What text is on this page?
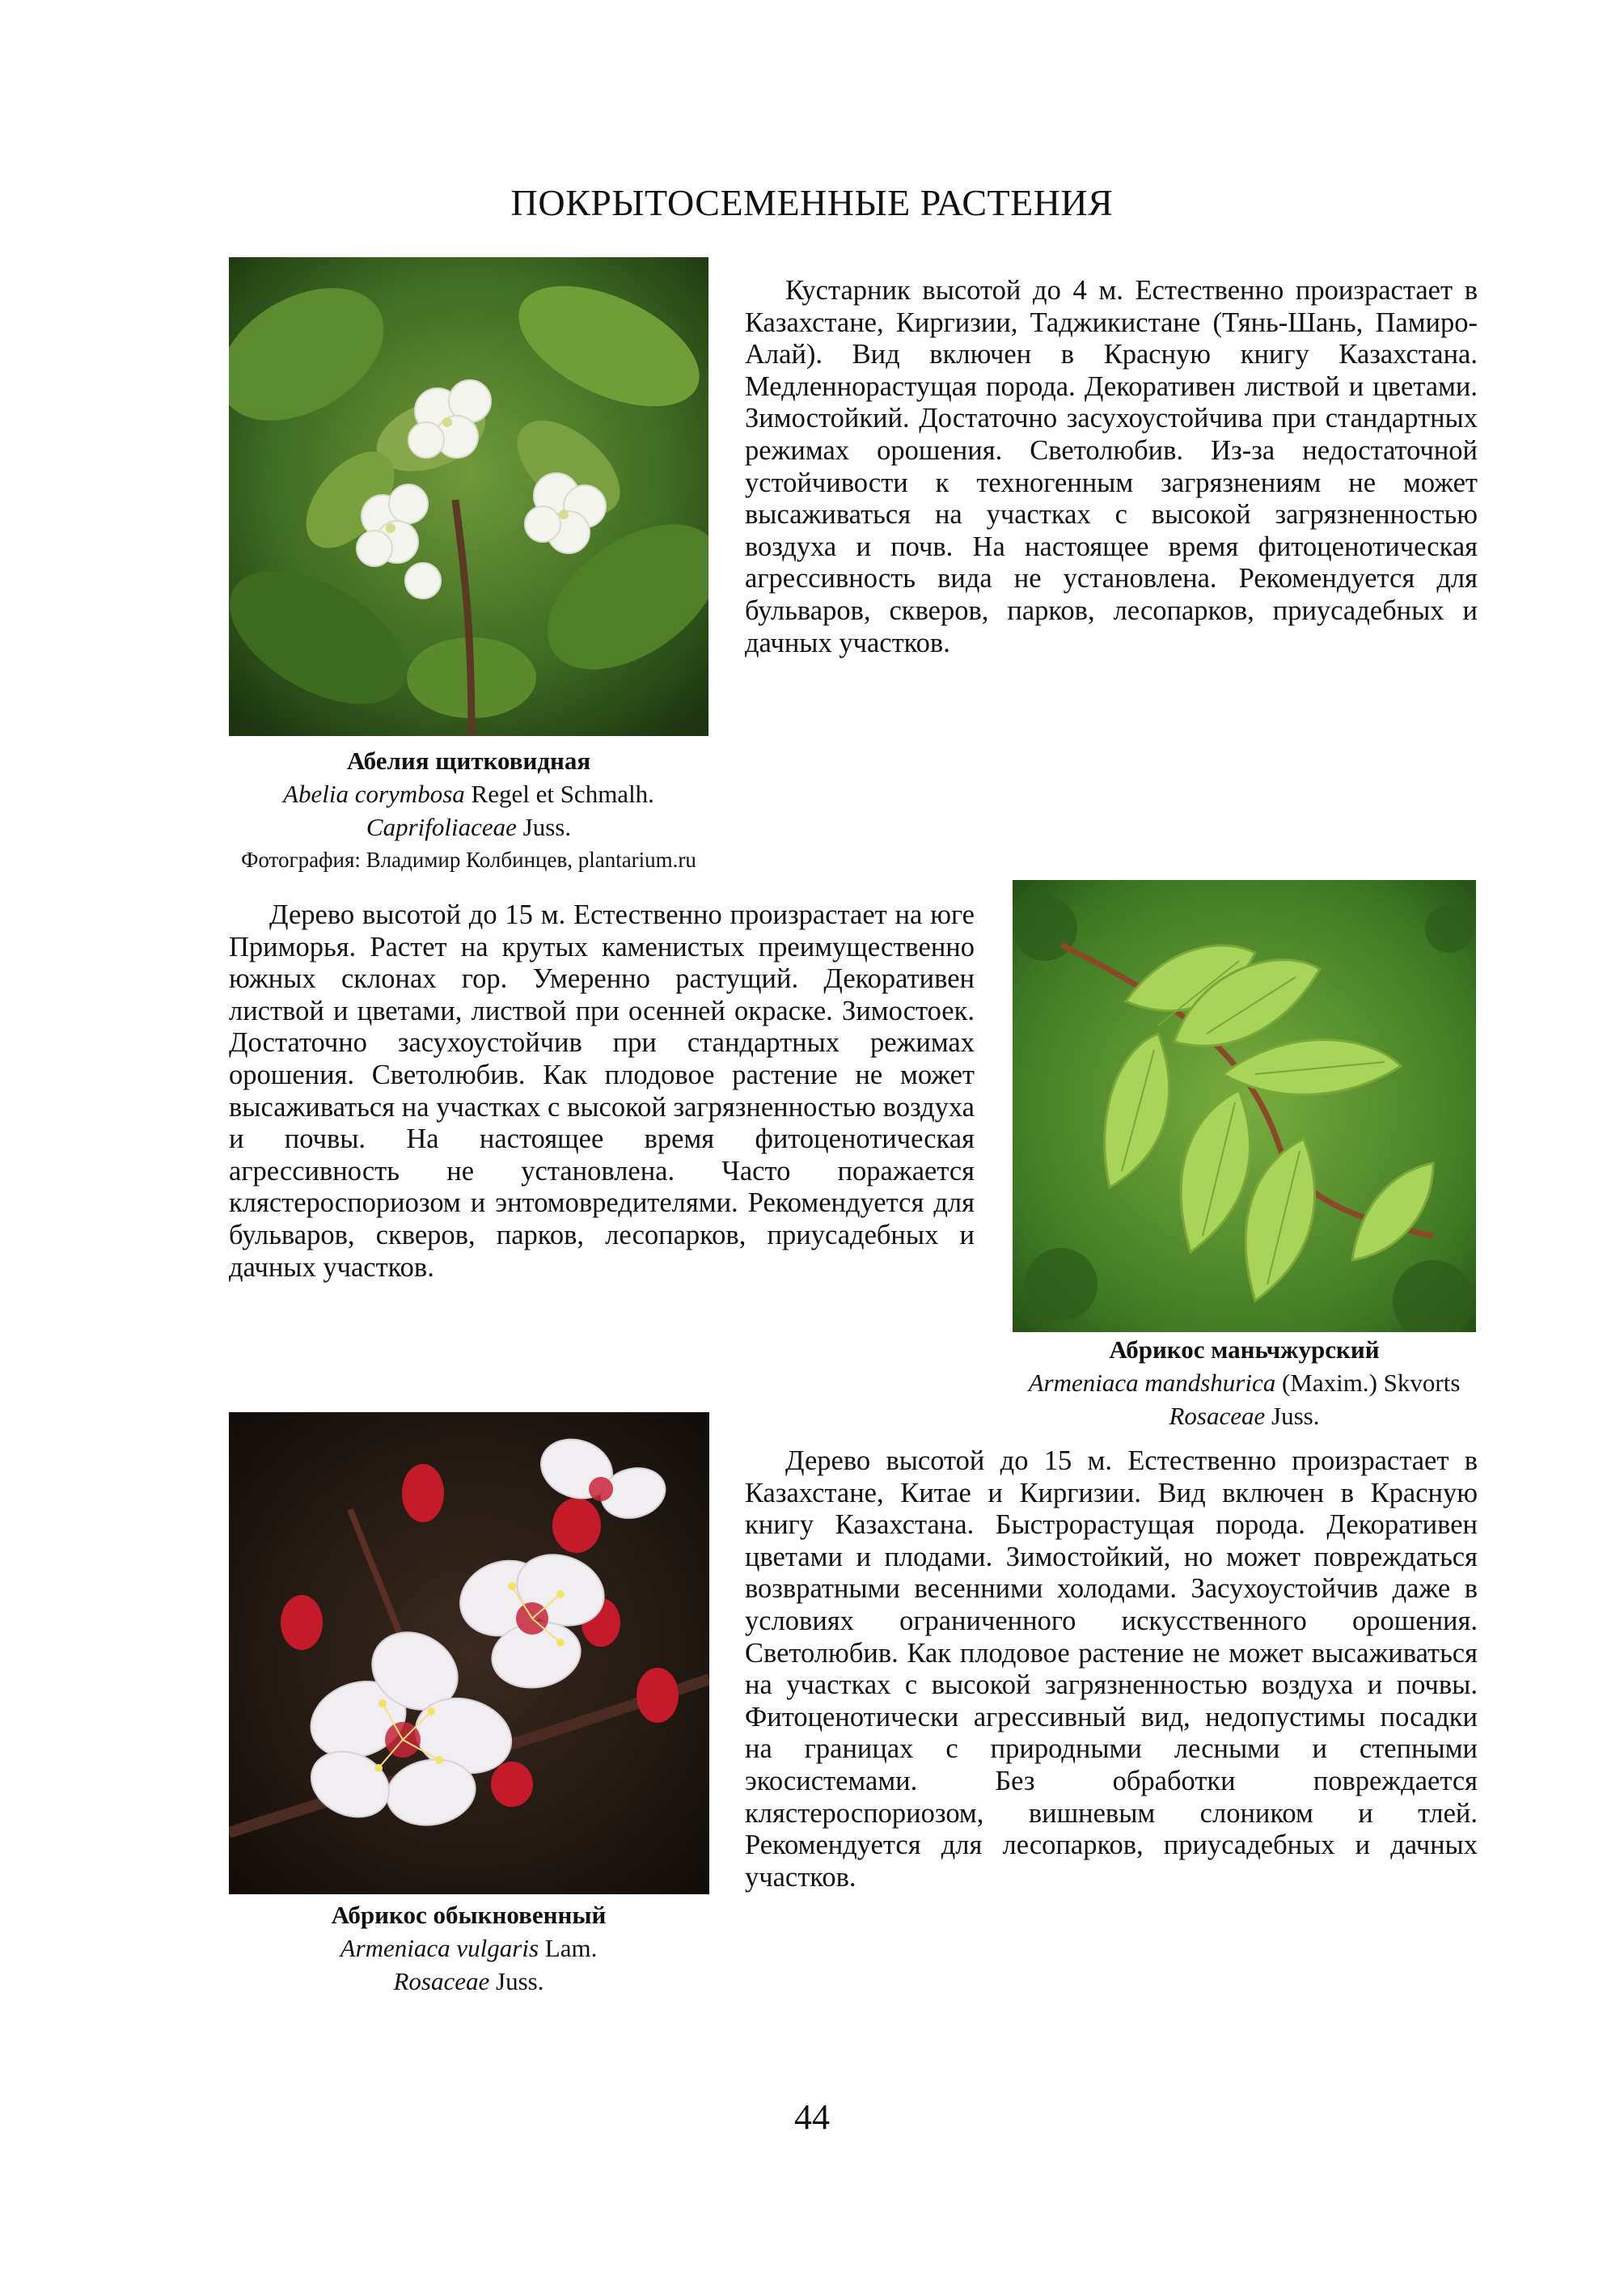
ПОКРЫТОСЕМЕННЫЕ РАСТЕНИЯ

Кустарник высотой до 4 м. Естественно произрастает в Казахстане, Киргизии, Таджикистане (Тянь-Шань, Памиро-Алай). Вид включен в Красную книгу Казахстана. Медленнорастущая порода. Декоративен листвой и цветами. Зимостойкий. Достаточно засухоустойчива при стандартных режимах орошения. Светолюбив. Из-за недостаточной устойчивости к техногенным загрязнениям не может высаживаться на участках с высокой загрязненностью воздуха и почв. На настоящее время фитоценотическая агрессивность вида не установлена. Рекомендуется для бульваров, скверов, парков, лесопарков, приусадебных и дачных участков.

Абелия щитковидная
Abelia corymbosa Regel et Schmalh.
Caprifoliaceae Juss.
Фотография: Владимир Колбинцев, plantarium.ru

Дерево высотой до 15 м. Естественно произрастает на юге Приморья. Растет на крутых каменистых преимущественно южных склонах гор. Умеренно растущий. Декоративен листвой и цветами, листвой при осенней окраске. Зимостоек. Достаточно засухоустойчив при стандартных режимах орошения. Светолюбив. Как плодовое растение не может высаживаться на участках с высокой загрязненностью воздуха и почвы. На настоящее время фитоценотическая агрессивность не установлена. Часто поражается клястероспориозом и энтомовредителями. Рекомендуется для бульваров, скверов, парков, лесопарков, приусадебных и дачных участков.

Абрикос маньчжурский
Armeniaca mandshurica (Maxim.) Skvorts
Rosaceae Juss.

Дерево высотой до 15 м. Естественно произрастает в Казахстане, Китае и Киргизии. Вид включен в Красную книгу Казахстана. Быстрорастущая порода. Декоративен цветами и плодами. Зимостойкий, но может повреждаться возвратными весенними холодами. Засухоустойчив даже в условиях ограниченного искусственного орошения. Светолюбив. Как плодовое растение не может высаживаться на участках с высокой загрязненностью воздуха и почвы. Фитоценотически агрессивный вид, недопустимы посадки на границах с природными лесными и степными экосистемами. Без обработки повреждается клястероспориозом, вишневым слоником и тлей. Рекомендуется для лесопарков, приусадебных и дачных участков.

Абрикос обыкновенный
Armeniaca vulgaris Lam.
Rosaceae Juss.
44
